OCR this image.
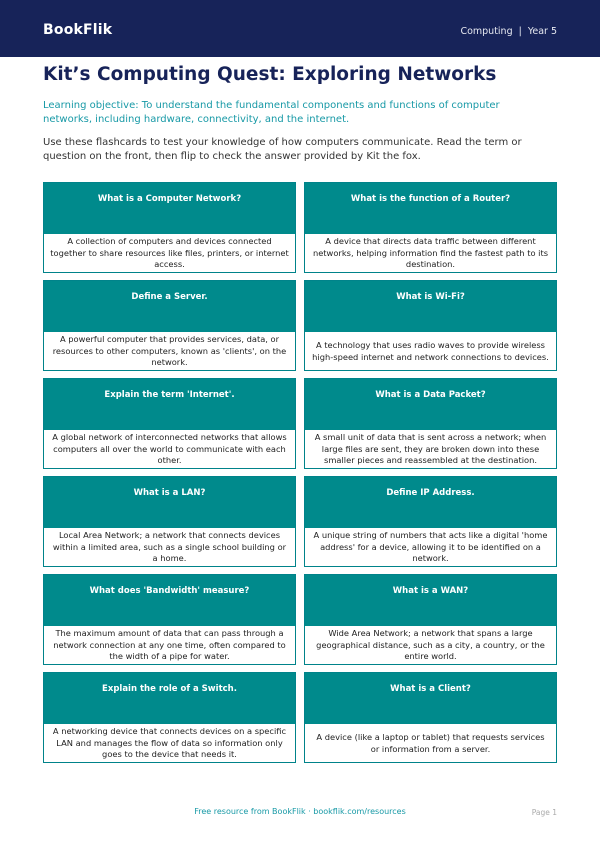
BookFlik	Computing | Year 5
Kit’s Computing Quest: Exploring Networks

Learning objective: To understand the fundamental components and functions of computer networks, including hardware, connectivity, and the internet.

Use these flashcards to test your knowledge of how computers communicate. Read the term or question on the front, then flip to check the answer provided by Kit the fox.

What is a Computer Network?
A collection of computers and devices connected together to share resources like files, printers, or internet access.
What is the function of a Router?
A device that directs data traffic between different networks, helping information find the fastest path to its destination.
Define a Server.
A powerful computer that provides services, data, or resources to other computers, known as 'clients', on the network.
What is Wi-Fi?
A technology that uses radio waves to provide wireless high-speed internet and network connections to devices.
Explain the term 'Internet'.
A global network of interconnected networks that allows computers all over the world to communicate with each other.
What is a Data Packet?
A small unit of data that is sent across a network; when large files are sent, they are broken down into these smaller pieces and reassembled at the destination.
What is a LAN?
Local Area Network; a network that connects devices within a limited area, such as a single school building or a home.
Define IP Address.
A unique string of numbers that acts like a digital 'home address' for a device, allowing it to be identified on a network.
What does 'Bandwidth' measure?
The maximum amount of data that can pass through a network connection at any one time, often compared to the width of a pipe for water.
What is a WAN?
Wide Area Network; a network that spans a large geographical distance, such as a city, a country, or the entire world.
Explain the role of a Switch.
A networking device that connects devices on a specific LAN and manages the flow of data so information only goes to the device that needs it.
What is a Client?
A device (like a laptop or tablet) that requests services or information from a server.
Free resource from BookFlik · bookflik.com/resources	Page 1
